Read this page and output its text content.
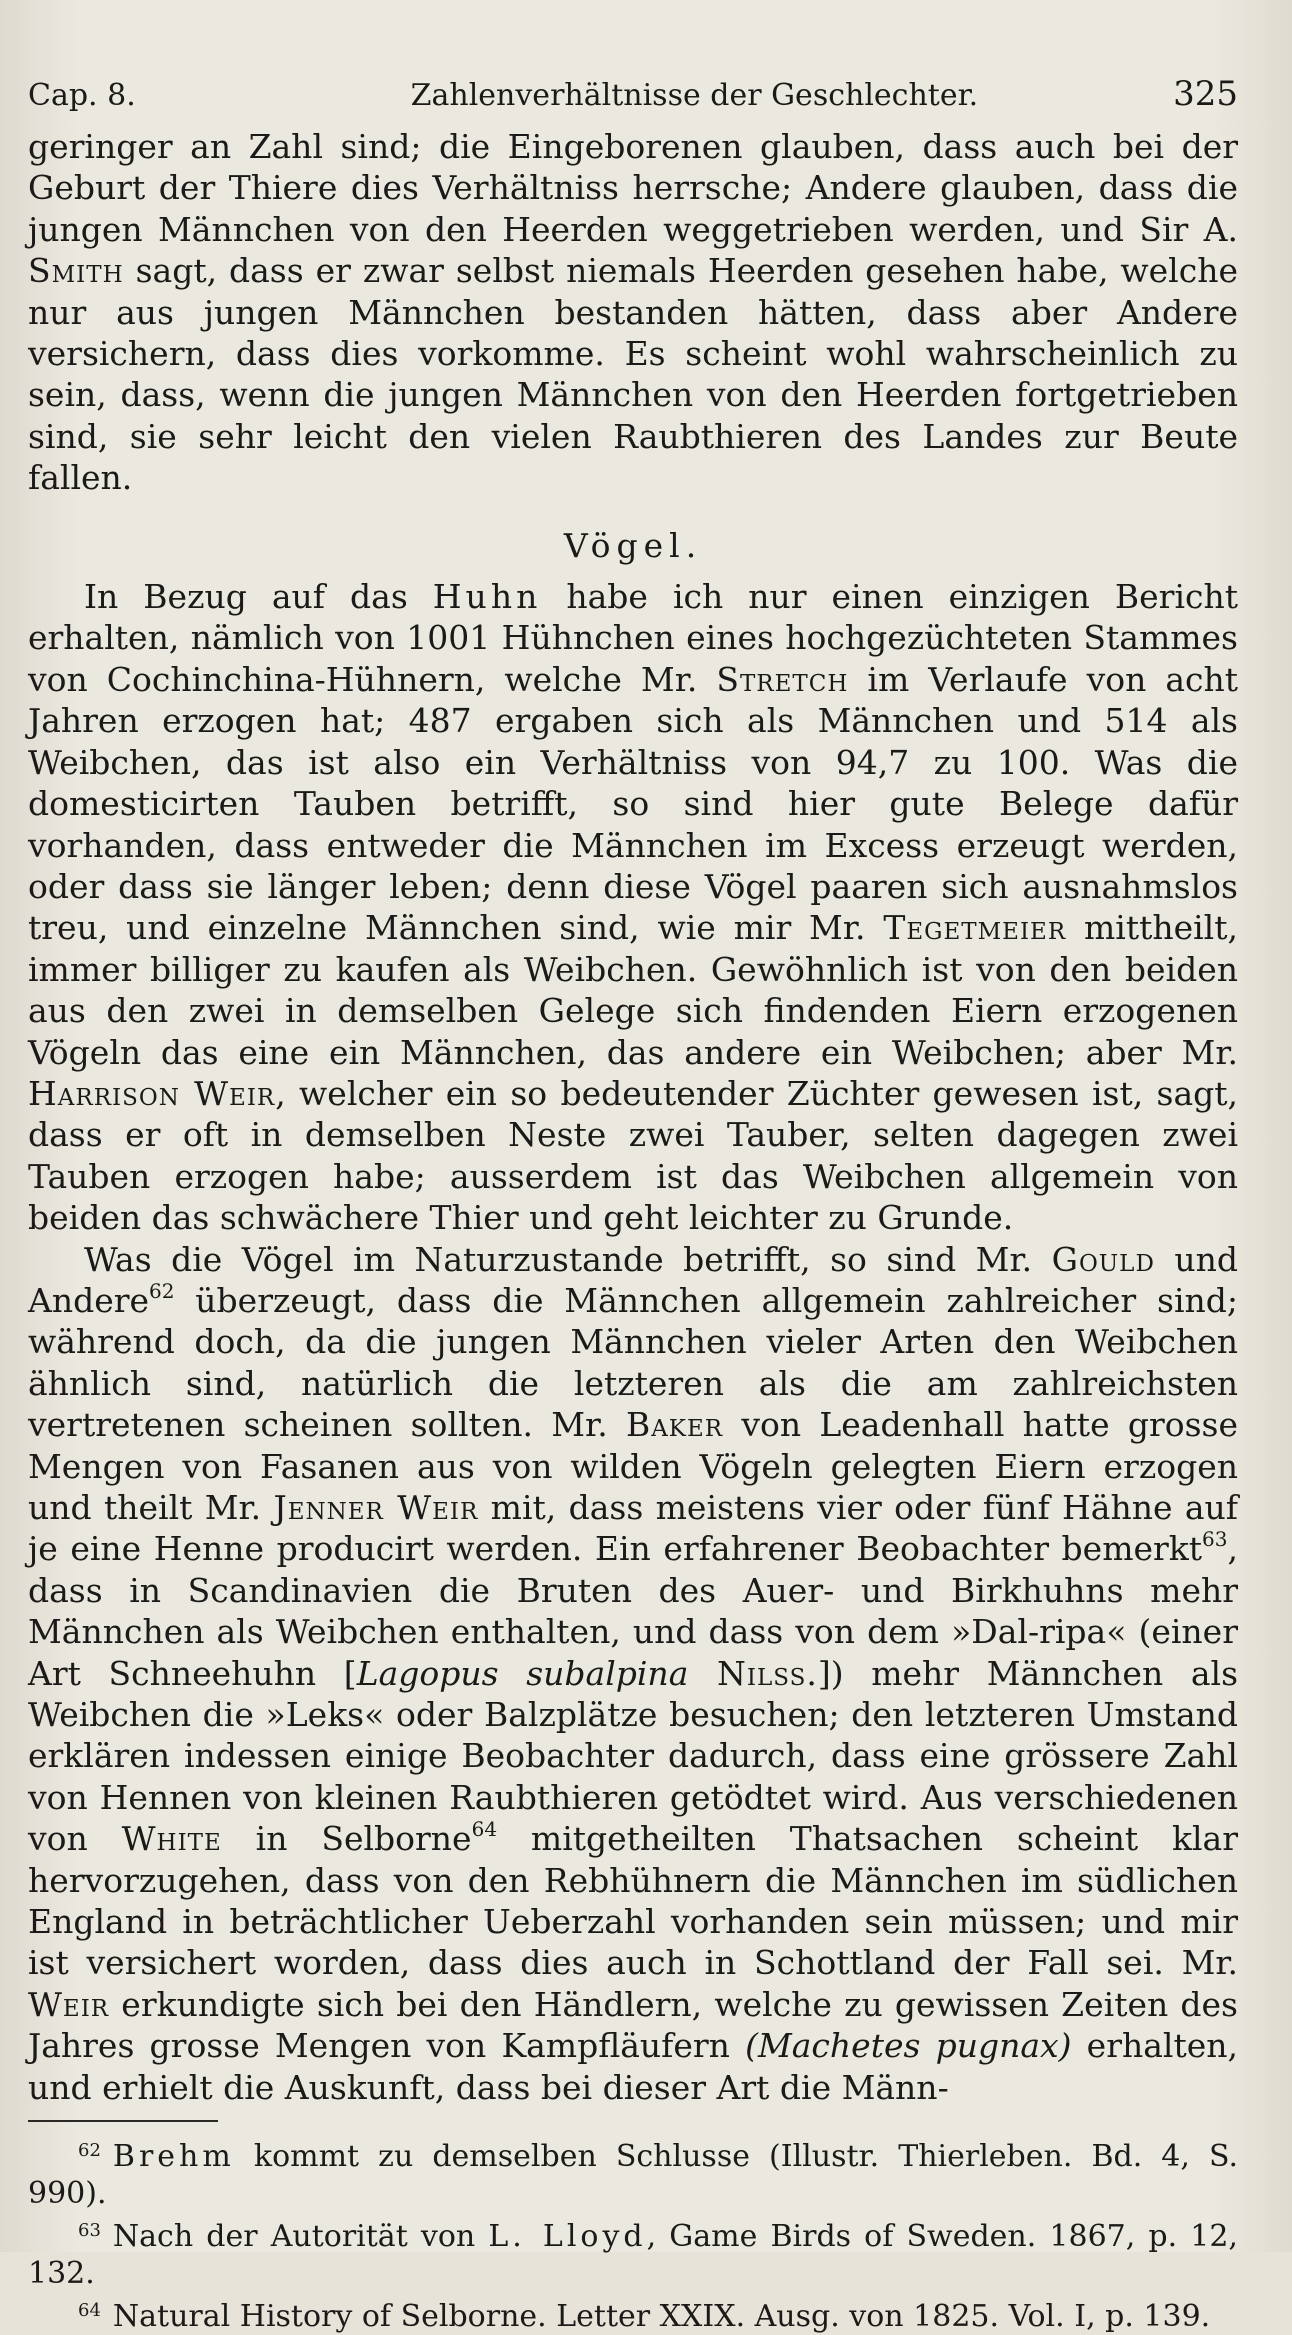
Cap. 8.	Zahlenverhältnisse der Geschlechter.	325

geringer an Zahl sind; die Eingeborenen glauben, dass auch bei der Geburt der Thiere dies Verhältniss herrsche; Andere glauben, dass die jungen Männchen von den Heerden weggetrieben werden, und Sir A. Smith sagt, dass er zwar selbst niemals Heerden gesehen habe, welche nur aus jungen Männchen bestanden hätten, dass aber Andere versichern, dass dies vorkomme. Es scheint wohl wahrscheinlich zu sein, dass, wenn die jungen Männchen von den Heerden fortgetrieben sind, sie sehr leicht den vielen Raubthieren des Landes zur Beute fallen.

Vögel.

In Bezug auf das Huhn habe ich nur einen einzigen Bericht erhalten, nämlich von 1001 Hühnchen eines hochgezüchteten Stammes von Cochinchina-Hühnern, welche Mr. Stretch im Verlaufe von acht Jahren erzogen hat; 487 ergaben sich als Männchen und 514 als Weibchen, das ist also ein Verhältniss von 94,7 zu 100. Was die domesticirten Tauben betrifft, so sind hier gute Belege dafür vorhanden, dass entweder die Männchen im Excess erzeugt werden, oder dass sie länger leben; denn diese Vögel paaren sich ausnahmslos treu, und einzelne Männchen sind, wie mir Mr. Tegetmeier mittheilt, immer billiger zu kaufen als Weibchen. Gewöhnlich ist von den beiden aus den zwei in demselben Gelege sich findenden Eiern erzogenen Vögeln das eine ein Männchen, das andere ein Weibchen; aber Mr. Harrison Weir, welcher ein so bedeutender Züchter gewesen ist, sagt, dass er oft in demselben Neste zwei Tauber, selten dagegen zwei Tauben erzogen habe; ausserdem ist das Weibchen allgemein von beiden das schwächere Thier und geht leichter zu Grunde.

Was die Vögel im Naturzustande betrifft, so sind Mr. Gould und Andere$^{62}$ überzeugt, dass die Männchen allgemein zahlreicher sind; während doch, da die jungen Männchen vieler Arten den Weibchen ähnlich sind, natürlich die letzteren als die am zahlreichsten vertretenen scheinen sollten. Mr. Baker von Leadenhall hatte grosse Mengen von Fasanen aus von wilden Vögeln gelegten Eiern erzogen und theilt Mr. Jenner Weir mit, dass meistens vier oder fünf Hähne auf je eine Henne producirt werden. Ein erfahrener Beobachter bemerkt$^{63}$, dass in Scandinavien die Bruten des Auer- und Birkhuhns mehr Männchen als Weibchen enthalten, und dass von dem »Dal-ripa« (einer Art Schneehuhn [Lagopus subalpina Nilss.]) mehr Männchen als Weibchen die »Leks« oder Balzplätze besuchen; den letzteren Umstand erklären indessen einige Beobachter dadurch, dass eine grössere Zahl von Hennen von kleinen Raubthieren getödtet wird. Aus verschiedenen von White in Selborne$^{64}$ mitgetheilten Thatsachen scheint klar hervorzugehen, dass von den Rebhühnern die Männchen im südlichen England in beträchtlicher Ueberzahl vorhanden sein müssen; und mir ist versichert worden, dass dies auch in Schottland der Fall sei. Mr. Weir erkundigte sich bei den Händlern, welche zu gewissen Zeiten des Jahres grosse Mengen von Kampfläufern (Machetes pugnax) erhalten, und erhielt die Auskunft, dass bei dieser Art die Männ-

$^{62}$ Brehm kommt zu demselben Schlusse (Illustr. Thierleben. Bd. 4, S. 990).

$^{63}$ Nach der Autorität von L. Lloyd, Game Birds of Sweden. 1867, p. 12, 132.

$^{64}$ Natural History of Selborne. Letter XXIX. Ausg. von 1825. Vol. I, p. 139.
